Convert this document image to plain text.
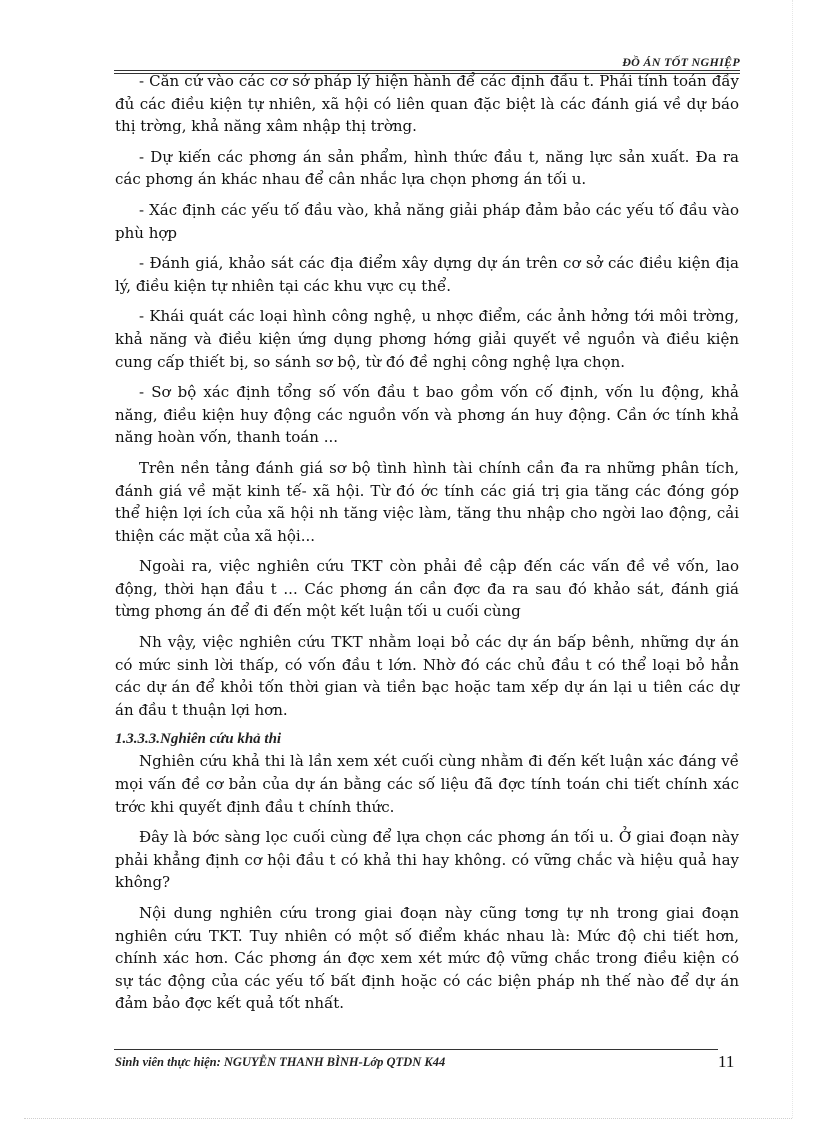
ĐỒ ÁN TỐT NGHIỆP

- Căn cứ vào các cơ sở pháp lý hiện hành để các định đầu t. Phải tính toán đầy đủ các điều kiện tự nhiên, xã hội có liên quan đặc biệt là các đánh giá về dự báo thị trờng, khả năng xâm nhập thị trờng.

- Dự kiến các phơng án sản phẩm, hình thức đầu t, năng lực sản xuất. Đa ra các phơng án khác nhau để cân nhắc lựa chọn phơng án tối u.

- Xác định các yếu tố đầu vào, khả năng giải pháp đảm bảo các yếu tố đầu vào phù hợp

- Đánh giá, khảo sát các địa điểm xây dựng dự án trên cơ sở các điều kiện địa lý, điều kiện tự nhiên tại các khu vực cụ thể.

- Khái quát các loại hình công nghệ, u nhợc điểm, các ảnh hởng tới môi trờng, khả năng và điều kiện ứng dụng phơng hớng giải quyết về nguồn và điều kiện cung cấp thiết bị, so sánh sơ bộ, từ đó đề nghị công nghệ lựa chọn.

- Sơ bộ xác định tổng số vốn đầu t bao gồm vốn cố định, vốn lu động, khả năng, điều kiện huy động các nguồn vốn và phơng án huy động. Cần ớc tính khả năng hoàn vốn, thanh toán ...

Trên nền tảng đánh giá sơ bộ tình hình tài chính cần đa ra những phân tích, đánh giá về mặt kinh tế- xã hội. Từ đó ớc tính các giá trị gia tăng các đóng góp thể hiện lợi ích của xã hội nh tăng việc làm, tăng thu nhập cho ngời lao động, cải thiện các mặt của xã hội...

Ngoài ra, việc nghiên cứu TKT còn phải đề cập đến các vấn đề về vốn, lao động, thời hạn đầu t ... Các phơng án cần đợc đa ra sau đó khảo sát, đánh giá từng phơng án để đi đến một kết luận tối u cuối cùng

Nh vậy, việc nghiên cứu TKT nhằm loại bỏ các dự án bấp bênh, những dự án có mức sinh lời thấp, có vốn đầu t lớn. Nhờ đó các chủ đầu t có thể loại bỏ hẳn các dự án để khỏi tốn thời gian và tiền bạc hoặc tam xếp dự án lại u tiên các dự án đầu t thuận lợi hơn.

1.3.3.3.Nghiên cứu khả thi

Nghiên cứu khả thi là lần xem xét cuối cùng nhằm đi đến kết luận xác đáng về mọi vấn đề cơ bản của dự án bằng các số liệu đã đợc tính toán chi tiết chính xác trớc khi quyết định đầu t chính thức.

Đây là bớc sàng lọc cuối cùng để lựa chọn các phơng án tối u. Ở giai đoạn này phải khẳng định cơ hội đầu t có khả thi hay không. có vững chắc và hiệu quả hay không?

Nội dung nghiên cứu trong giai đoạn này cũng tơng tự nh trong giai đoạn nghiên cứu TKT. Tuy nhiên có một số điểm khác nhau là: Mức độ chi tiết hơn, chính xác hơn. Các phơng án đợc xem xét mức độ vững chắc trong điều kiện có sự tác động của các yếu tố bất định hoặc có các biện pháp nh thế nào để dự án đảm bảo đợc kết quả tốt nhất.

Sinh viên thực hiện: NGUYỄN THANH BÌNH-Lớp QTDN K44	11
